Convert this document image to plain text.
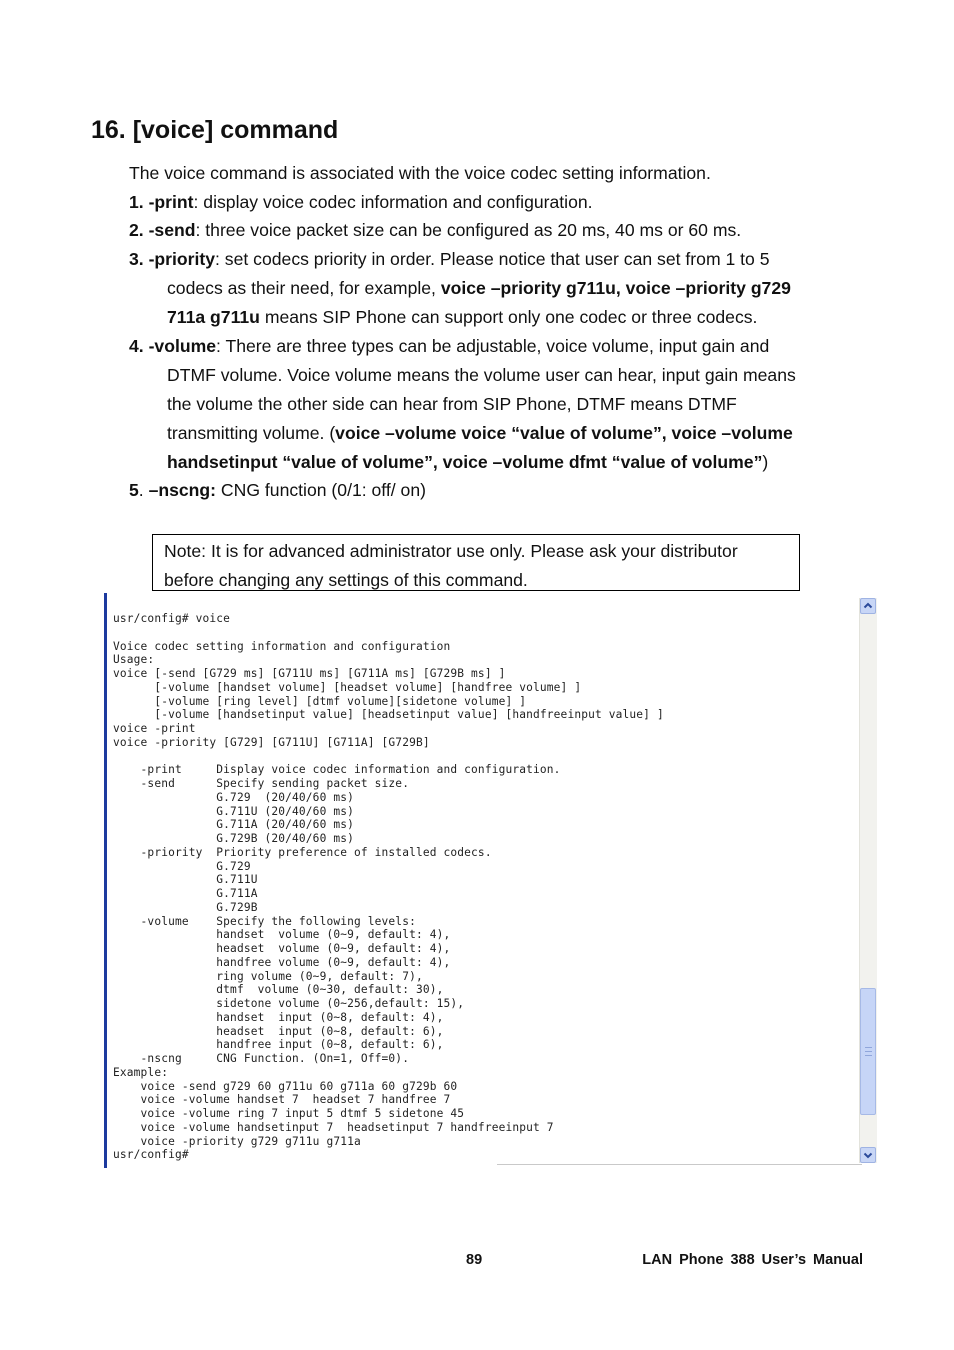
16. [voice] command

The voice command is associated with the voice codec setting information.

1. -print: display voice codec information and configuration.

2. -send: three voice packet size can be configured as 20 ms, 40 ms or 60 ms.

3. -priority: set codecs priority in order. Please notice that user can set from 1 to 5
codecs as their need, for example, voice –priority g711u, voice –priority g729
711a g711u means SIP Phone can support only one codec or three codecs.
4. -volume: There are three types can be adjustable, voice volume, input gain and
DTMF volume. Voice volume means the volume user can hear, input gain means
the volume the other side can hear from SIP Phone, DTMF means DTMF
transmitting volume. (voice –volume voice “value of volume”, voice –volume
handsetinput “value of volume”, voice –volume dfmt “value of volume”)

5. –nscng: CNG function (0/1: off/ on)

Note: It is for advanced administrator use only. Please ask your distributor
before changing any settings of this command.
usr/config# voice

Voice codec setting information and configuration
Usage:
voice [-send [G729 ms] [G711U ms] [G711A ms] [G729B ms] ]
[-volume [handset volume] [headset volume] [handfree volume] ]
[-volume [ring level] [dtmf volume][sidetone volume] ]
[-volume [handsetinput value] [headsetinput value] [handfreeinput value] ]
voice -print
voice -priority [G729] [G711U] [G711A] [G729B]

-print     Display voice codec information and configuration.
-send      Specify sending packet size.
G.729  (20/40/60 ms)
G.711U (20/40/60 ms)
G.711A (20/40/60 ms)
G.729B (20/40/60 ms)
-priority  Priority preference of installed codecs.
G.729
G.711U
G.711A
G.729B
-volume    Specify the following levels:
handset  volume (0~9, default: 4),
headset  volume (0~9, default: 4),
handfree volume (0~9, default: 4),
ring volume (0~9, default: 7),
dtmf  volume (0~30, default: 30),
sidetone volume (0~256,default: 15),
handset  input (0~8, default: 4),
headset  input (0~8, default: 6),
handfree input (0~8, default: 6),
-nscng     CNG Function. (On=1, Off=0).
Example:
voice -send g729 60 g711u 60 g711a 60 g729b 60
voice -volume handset 7  headset 7 handfree 7
voice -volume ring 7 input 5 dtmf 5 sidetone 45
voice -volume handsetinput 7  headsetinput 7 handfreeinput 7
voice -priority g729 g711u g711a
usr/config#
89	LAN Phone 388 User’s Manual
